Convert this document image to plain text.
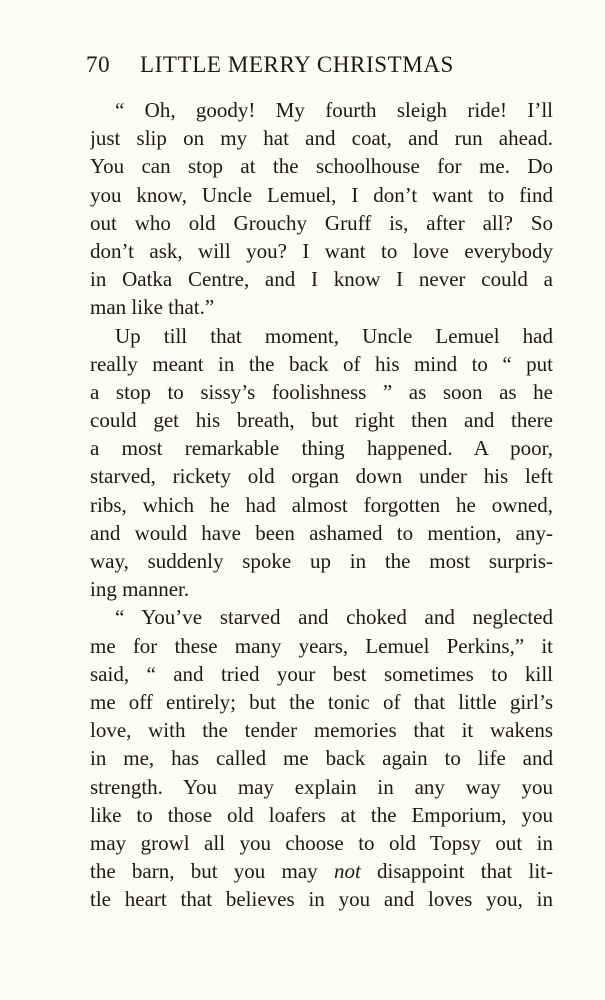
70 LITTLE MERRY CHRISTMAS
“ Oh, goody! My fourth sleigh ride! I’ll
just slip on my hat and coat, and run ahead.
You can stop at the schoolhouse for me. Do
you know, Uncle Lemuel, I don’t want to find
out who old Grouchy Gruff is, after all? So
don’t ask, will you? I want to love everybody
in Oatka Centre, and I know I never could a
man like that.”
Up till that moment, Uncle Lemuel had
really meant in the back of his mind to “ put
a stop to sissy’s foolishness ” as soon as he
could get his breath, but right then and there
a most remarkable thing happened. A poor,
starved, rickety old organ down under his left
ribs, which he had almost forgotten he owned,
and would have been ashamed to mention, any-
way, suddenly spoke up in the most surpris-
ing manner.
“ You’ve starved and choked and neglected
me for these many years, Lemuel Perkins,” it
said, “ and tried your best sometimes to kill
me off entirely; but the tonic of that little girl’s
love, with the tender memories that it wakens
in me, has called me back again to life and
strength. You may explain in any way you
like to those old loafers at the Emporium, you
may growl all you choose to old Topsy out in
the barn, but you may not disappoint that lit-
tle heart that believes in you and loves you, in
